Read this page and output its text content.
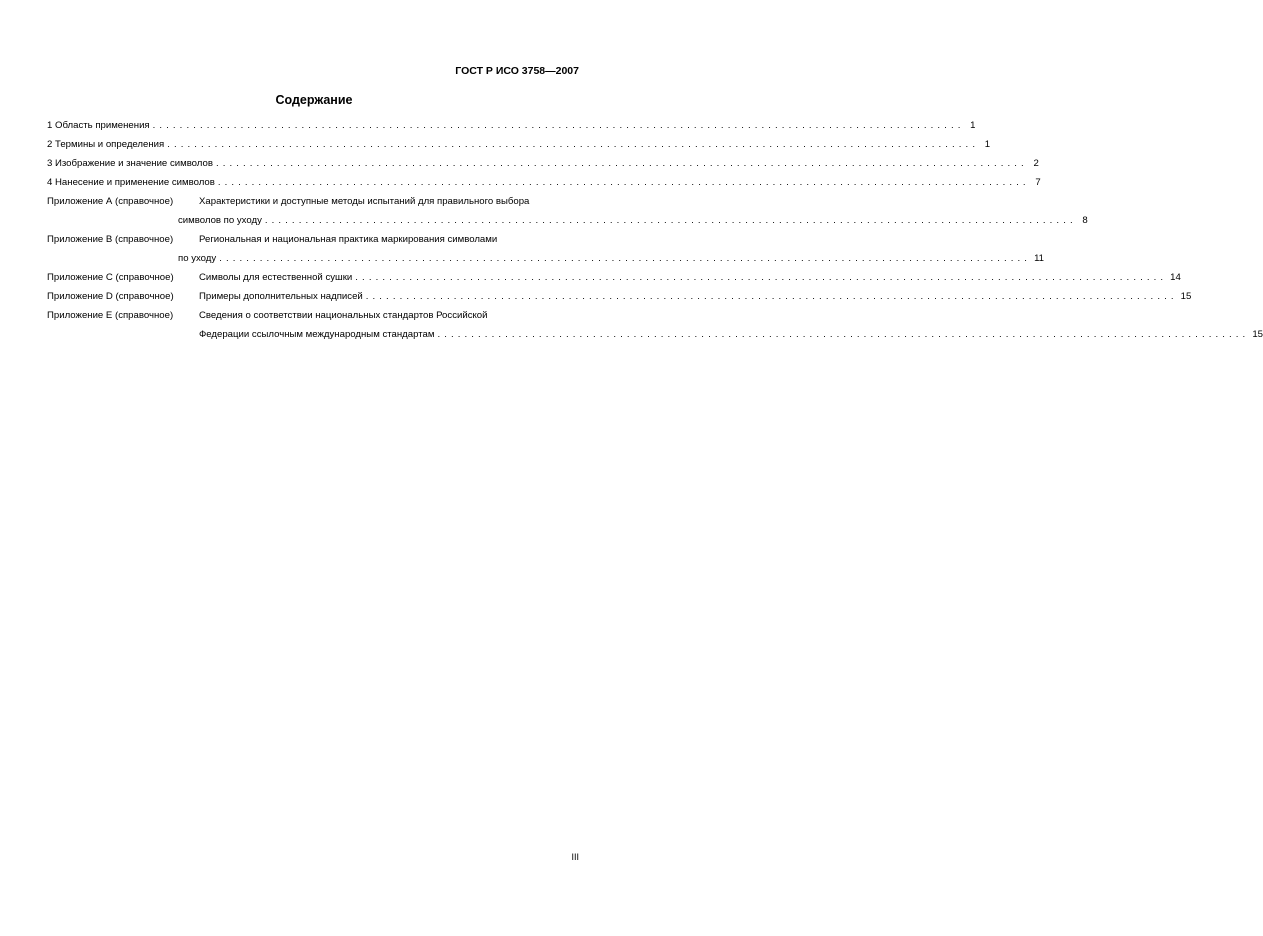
ГОСТ Р ИСО 3758—2007
Содержание
1 Область применения ........................................................................................................................ 1
2 Термины и определения ........................................................................................................................ 1
3 Изображение и значение символов ........................................................................................................................ 2
4 Нанесение и применение символов ........................................................................................................................ 7
Приложение А (справочное)	Характеристики и доступные методы испытаний для правильного выбора
символов по уходу ........................................................................................................................ 8
Приложение В (справочное)	Региональная и национальная практика маркирования символами
по уходу ........................................................................................................................ 11
Приложение С (справочное)	Символы для естественной сушки ........................................................................................................................ 14
Приложение D (справочное)	Примеры дополнительных надписей ........................................................................................................................ 15
Приложение Е (справочное)	Сведения о соответствии национальных стандартов Российской
Федерации ссылочным международным стандартам ........................................................................................................................ 15
III
